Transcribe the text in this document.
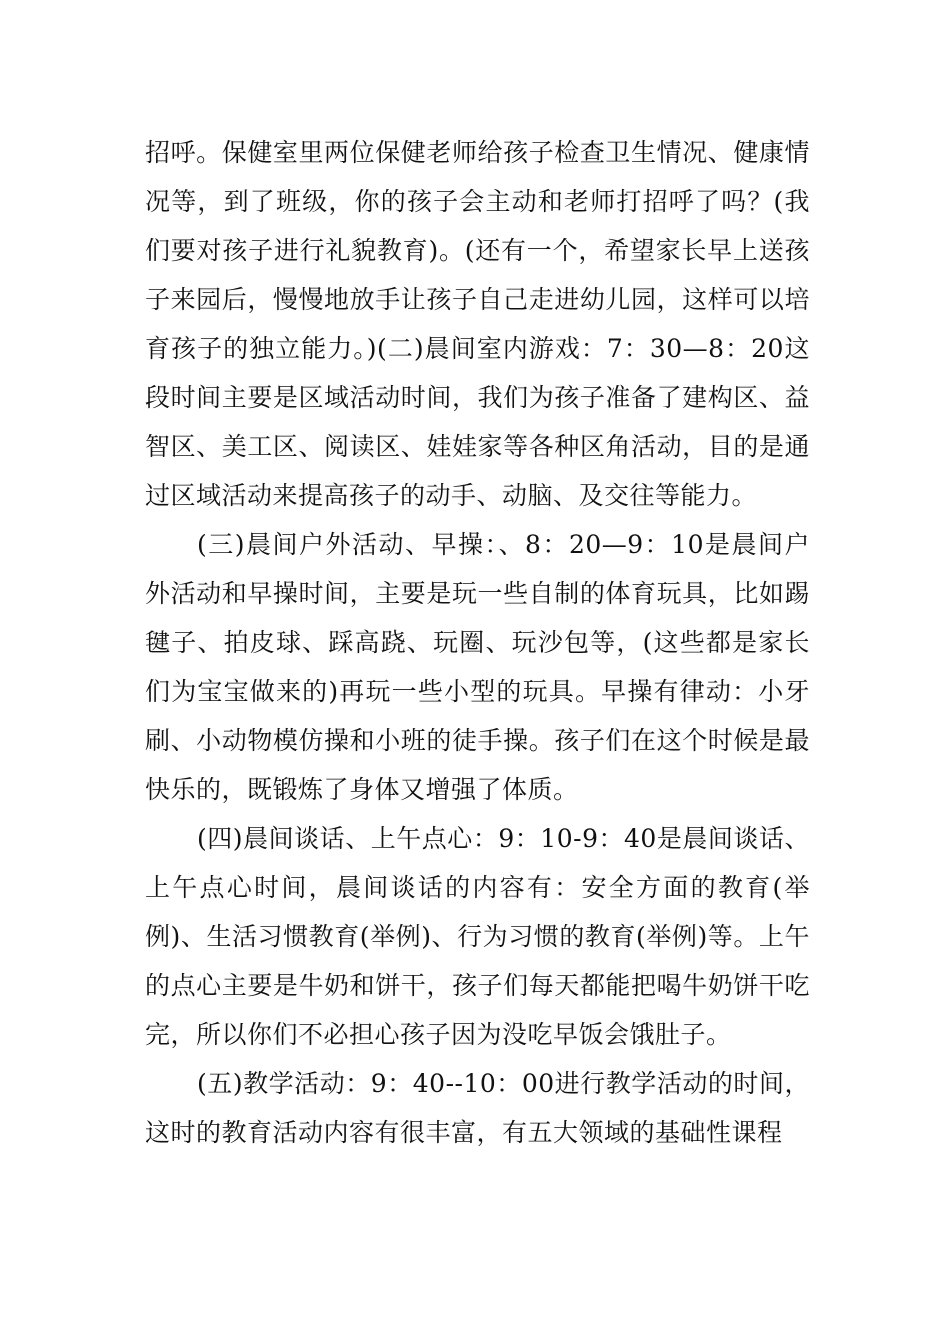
招呼。保健室里两位保健老师给孩子检查卫生情况、健康情况等，到了班级，你的孩子会主动和老师打招呼了吗？(我们要对孩子进行礼貌教育)。(还有一个，希望家长早上送孩子来园后，慢慢地放手让孩子自己走进幼儿园，这样可以培育孩子的独立能力。)(二)晨间室内游戏：7：30—8：20这段时间主要是区域活动时间，我们为孩子准备了建构区、益智区、美工区、阅读区、娃娃家等各种区角活动，目的是通过区域活动来提高孩子的动手、动脑、及交往等能力。

(三)晨间户外活动、早操：、8：20—9：10是晨间户外活动和早操时间，主要是玩一些自制的体育玩具，比如踢毽子、拍皮球、踩高跷、玩圈、玩沙包等，(这些都是家长们为宝宝做来的)再玩一些小型的玩具。早操有律动：小牙刷、小动物模仿操和小班的徒手操。孩子们在这个时候是最快乐的，既锻炼了身体又增强了体质。

(四)晨间谈话、上午点心：9：10-9：40是晨间谈话、上午点心时间，晨间谈话的内容有：安全方面的教育(举例)、生活习惯教育(举例)、行为习惯的教育(举例)等。上午的点心主要是牛奶和饼干，孩子们每天都能把喝牛奶饼干吃完，所以你们不必担心孩子因为没吃早饭会饿肚子。

(五)教学活动：9：40--10：00进行教学活动的时间，这时的教育活动内容有很丰富，有五大领域的基础性课程
